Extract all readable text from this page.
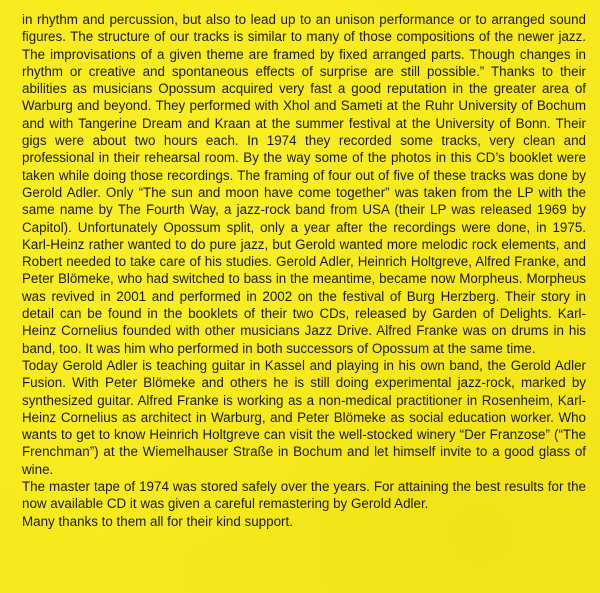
in rhythm and percussion, but also to lead up to an unison performance or to arranged sound figures. The structure of our tracks is similar to many of those compositions of the newer jazz. The improvisations of a given theme are framed by fixed arranged parts. Though changes in rhythm or creative and spontaneous effects of surprise are still possible.” Thanks to their abilities as musicians Opossum acquired very fast a good reputation in the greater area of Warburg and beyond. They performed with Xhol and Sameti at the Ruhr University of Bochum and with Tangerine Dream and Kraan at the summer festival at the University of Bonn. Their gigs were about two hours each. In 1974 they recorded some tracks, very clean and professional in their rehearsal room. By the way some of the photos in this CD’s booklet were taken while doing those recordings. The framing of four out of five of these tracks was done by Gerold Adler. Only “The sun and moon have come together” was taken from the LP with the same name by The Fourth Way, a jazz-rock band from USA (their LP was released 1969 by Capitol). Unfortunately Opossum split, only a year after the recordings were done, in 1975. Karl-Heinz rather wanted to do pure jazz, but Gerold wanted more melodic rock elements, and Robert needed to take care of his studies. Gerold Adler, Heinrich Holtgreve, Alfred Franke, and Peter Blömeke, who had switched to bass in the meantime, became now Morpheus. Morpheus was revived in 2001 and performed in 2002 on the festival of Burg Herzberg. Their story in detail can be found in the booklets of their two CDs, released by Garden of Delights. Karl-Heinz Cornelius founded with other musicians Jazz Drive. Alfred Franke was on drums in his band, too. It was him who performed in both successors of Opossum at the same time.

Today Gerold Adler is teaching guitar in Kassel and playing in his own band, the Gerold Adler Fusion. With Peter Blömeke and others he is still doing experimental jazz-rock, marked by synthesized guitar. Alfred Franke is working as a non-medical practitioner in Rosenheim, Karl-Heinz Cornelius as architect in Warburg, and Peter Blömeke as social education worker. Who wants to get to know Heinrich Holtgreve can visit the well-stocked winery “Der Franzose” (“The Frenchman”) at the Wiemelhauser Straße in Bochum and let himself invite to a good glass of wine.

The master tape of 1974 was stored safely over the years. For attaining the best results for the now available CD it was given a careful remastering by Gerold Adler.

Many thanks to them all for their kind support.
